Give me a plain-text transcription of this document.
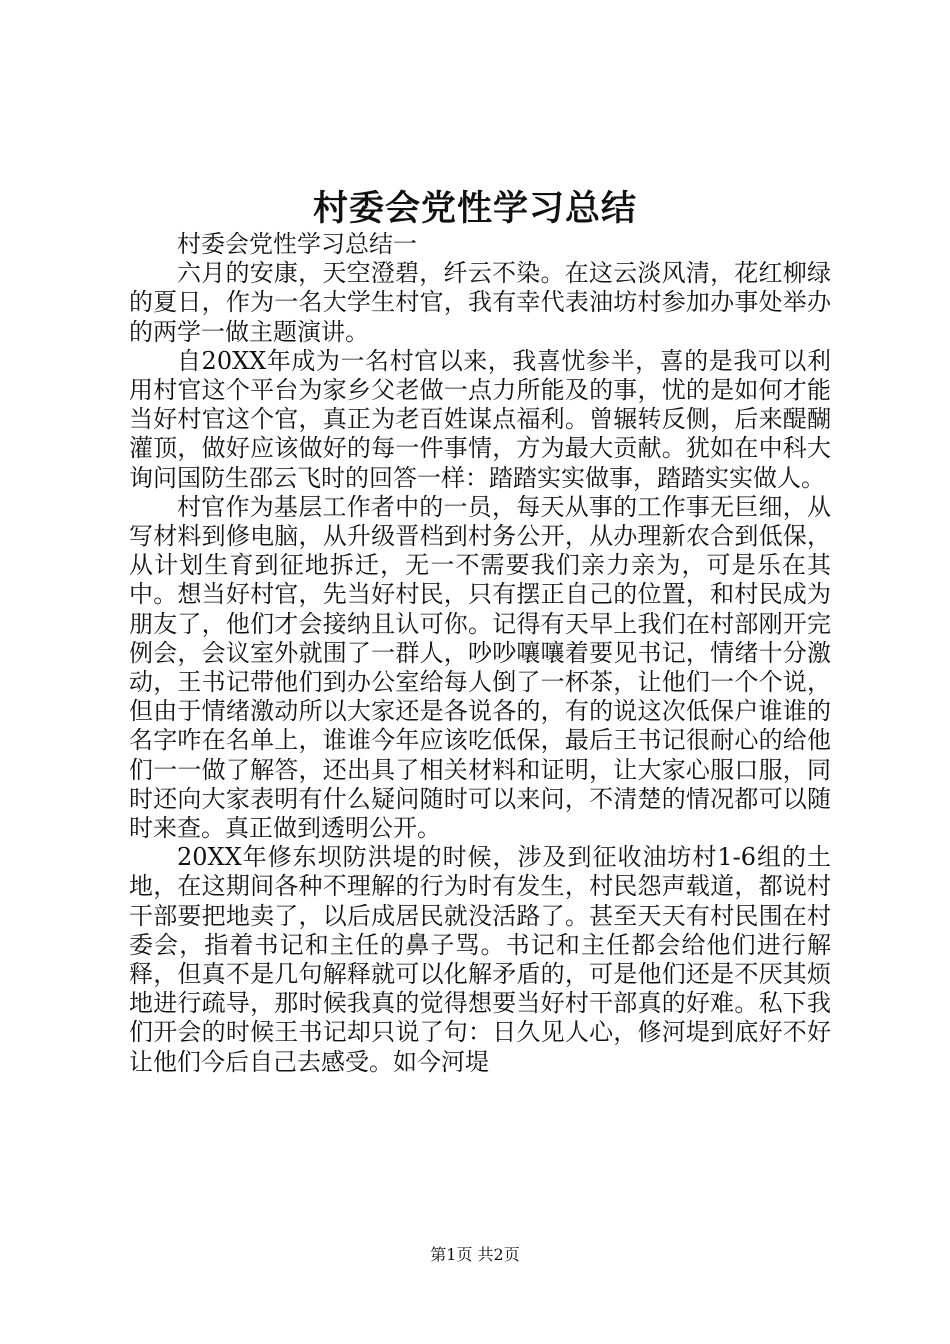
村委会党性学习总结

村委会党性学习总结一

六月的安康，天空澄碧，纤云不染。在这云淡风清，花红柳绿的夏日，作为一名大学生村官，我有幸代表油坊村参加办事处举办的两学一做主题演讲。

自20XX年成为一名村官以来，我喜忧参半，喜的是我可以利用村官这个平台为家乡父老做一点力所能及的事，忧的是如何才能当好村官这个官，真正为老百姓谋点福利。曾辗转反侧，后来醍醐灌顶，做好应该做好的每一件事情，方为最大贡献。犹如在中科大询问国防生邵云飞时的回答一样：踏踏实实做事，踏踏实实做人。

村官作为基层工作者中的一员，每天从事的工作事无巨细，从写材料到修电脑，从升级晋档到村务公开，从办理新农合到低保，从计划生育到征地拆迁，无一不需要我们亲力亲为，可是乐在其中。想当好村官，先当好村民，只有摆正自己的位置，和村民成为朋友了，他们才会接纳且认可你。记得有天早上我们在村部刚开完例会，会议室外就围了一群人，吵吵嚷嚷着要见书记，情绪十分激动，王书记带他们到办公室给每人倒了一杯茶，让他们一个个说，但由于情绪激动所以大家还是各说各的，有的说这次低保户谁谁的名字咋在名单上，谁谁今年应该吃低保，最后王书记很耐心的给他们一一做了解答，还出具了相关材料和证明，让大家心服口服，同时还向大家表明有什么疑问随时可以来问，不清楚的情况都可以随时来查。真正做到透明公开。

20XX年修东坝防洪堤的时候，涉及到征收油坊村1-6组的土地，在这期间各种不理解的行为时有发生，村民怨声载道，都说村干部要把地卖了，以后成居民就没活路了。甚至天天有村民围在村委会，指着书记和主任的鼻子骂。书记和主任都会给他们进行解释，但真不是几句解释就可以化解矛盾的，可是他们还是不厌其烦地进行疏导，那时候我真的觉得想要当好村干部真的好难。私下我们开会的时候王书记却只说了句：日久见人心，修河堤到底好不好让他们今后自己去感受。如今河堤

第1页 共2页
